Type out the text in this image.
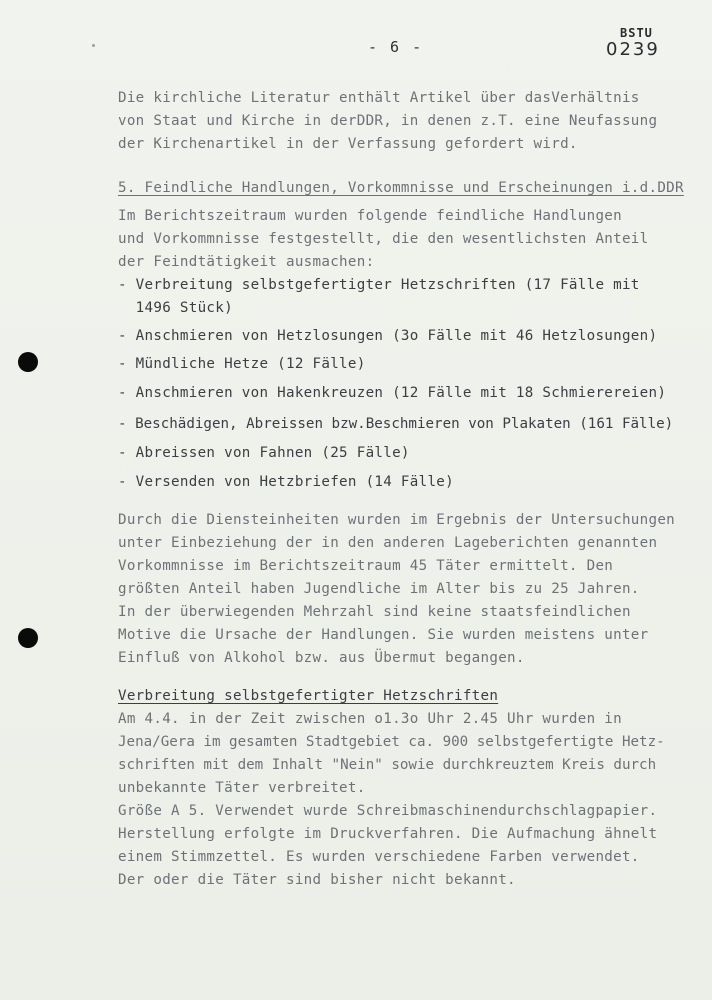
- 6 -
BSTU
0239
Die kirchliche Literatur enthält Artikel über dasVerhältnis
von Staat und Kirche in derDDR, in denen z.T. eine Neufassung
der Kirchenartikel in der Verfassung gefordert wird.
5. Feindliche Handlungen, Vorkommnisse und Erscheinungen i.d.DDR
Im Berichtszeitraum wurden folgende feindliche Handlungen
und Vorkommnisse festgestellt, die den wesentlichsten Anteil
der Feindtätigkeit ausmachen:
- Verbreitung selbstgefertigter Hetzschriften (17 Fälle mit
1496 Stück)
- Anschmieren von Hetzlosungen (3o Fälle mit 46 Hetzlosungen)
- Mündliche Hetze (12 Fälle)
- Anschmieren von Hakenkreuzen (12 Fälle mit 18 Schmierereien)
- Beschädigen, Abreissen bzw.Beschmieren von Plakaten (161 Fälle)
- Abreissen von Fahnen (25 Fälle)
- Versenden von Hetzbriefen (14 Fälle)
Durch die Diensteinheiten wurden im Ergebnis der Untersuchungen
unter Einbeziehung der in den anderen Lageberichten genannten
Vorkommnisse im Berichtszeitraum 45 Täter ermittelt. Den
größten Anteil haben Jugendliche im Alter bis zu 25 Jahren.
In der überwiegenden Mehrzahl sind keine staatsfeindlichen
Motive die Ursache der Handlungen. Sie wurden meistens unter
Einfluß von Alkohol bzw. aus Übermut begangen.
Verbreitung selbstgefertigter Hetzschriften
Am 4.4. in der Zeit zwischen o1.3o Uhr 2.45 Uhr wurden in
Jena/Gera im gesamten Stadtgebiet ca. 900 selbstgefertigte Hetz-
schriften mit dem Inhalt "Nein" sowie durchkreuztem Kreis durch
unbekannte Täter verbreitet.
Größe A 5. Verwendet wurde Schreibmaschinendurchschlagpapier.
Herstellung erfolgte im Druckverfahren. Die Aufmachung ähnelt
einem Stimmzettel. Es wurden verschiedene Farben verwendet.
Der oder die Täter sind bisher nicht bekannt.
